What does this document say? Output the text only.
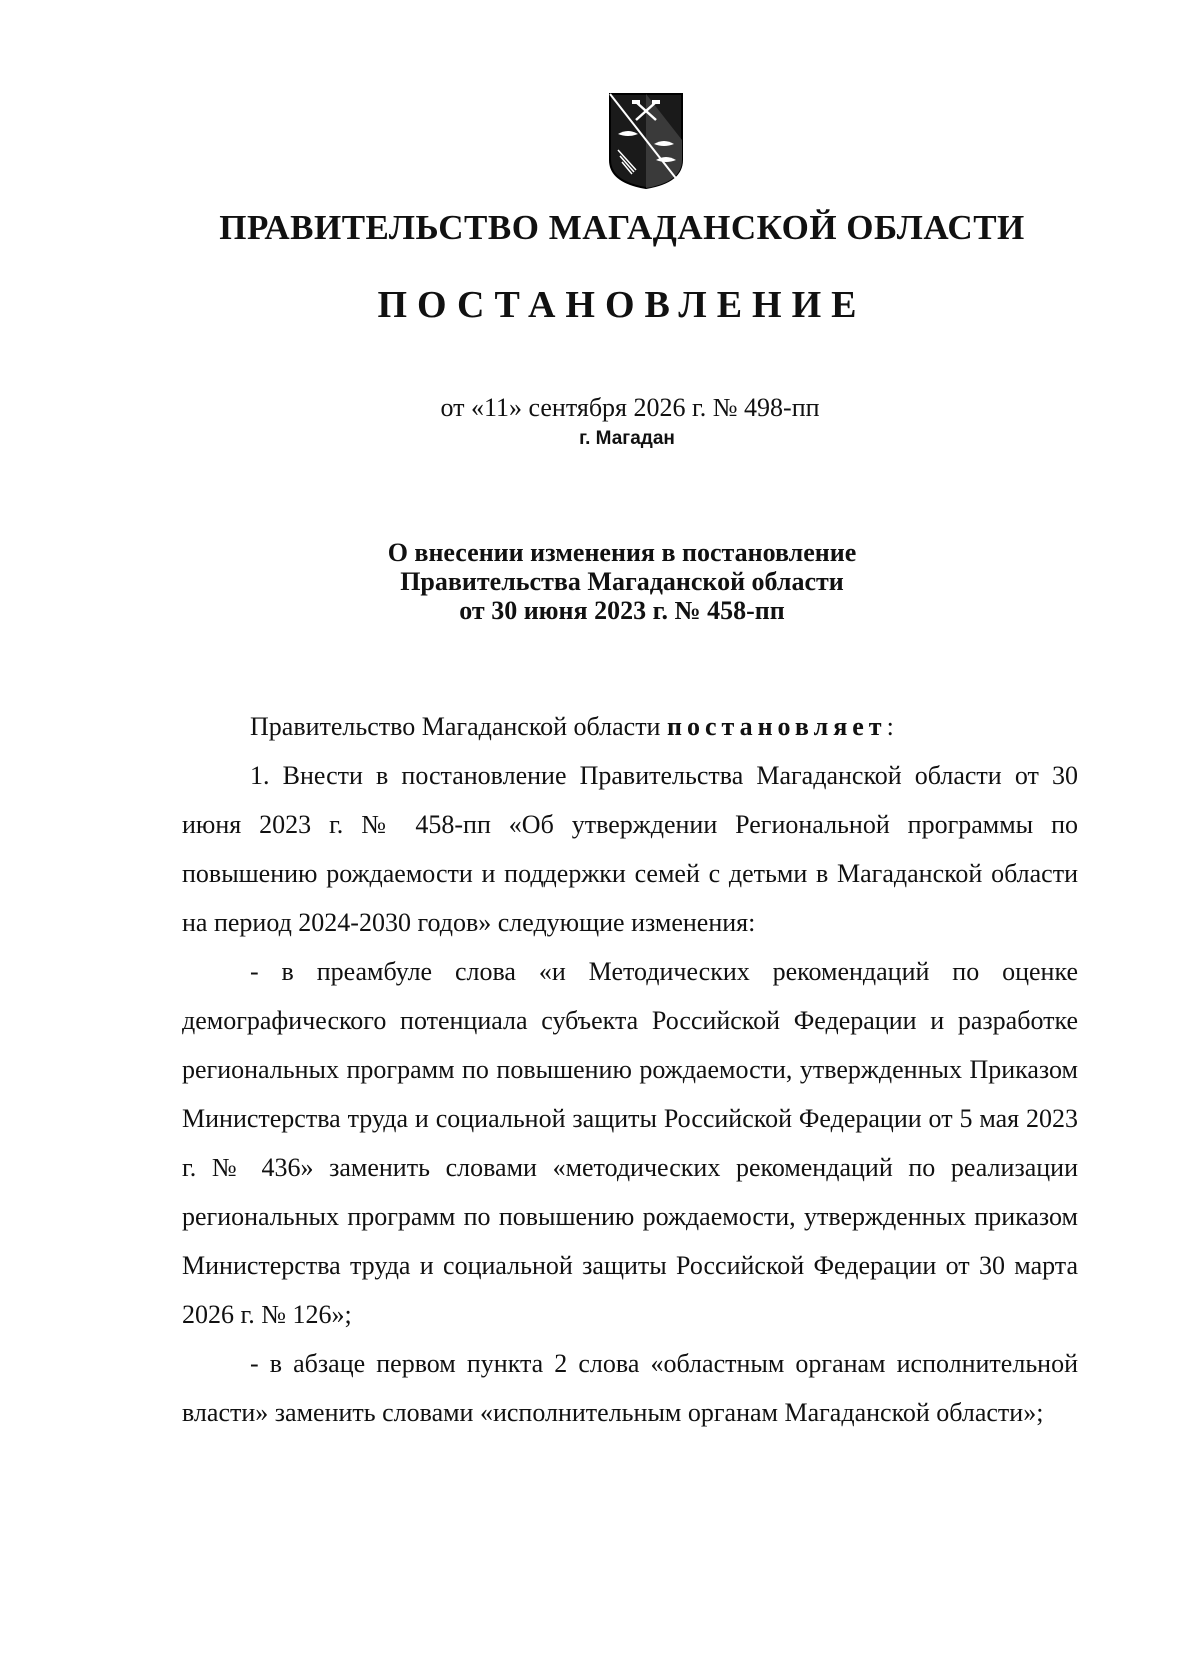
ПРАВИТЕЛЬСТВО МАГАДАНСКОЙ ОБЛАСТИ
ПОСТАНОВЛЕНИЕ
от «11» сентября 2026 г. № 498-пп
г. Магадан
О внесении изменения в постановление
Правительства Магаданской области
от 30 июня 2023 г. № 458-пп

Правительство Магаданской области постановляет:

1. Внести в постановление Правительства Магаданской области от 30 июня 2023 г. № 458-пп «Об утверждении Региональной программы по повышению рождаемости и поддержки семей с детьми в Магаданской области на период 2024-2030 годов» следующие изменения:

- в преамбуле слова «и Методических рекомендаций по оценке демографического потенциала субъекта Российской Федерации и разработке региональных программ по повышению рождаемости, утвержденных Приказом Министерства труда и социальной защиты Российской Федерации от 5 мая 2023 г. № 436» заменить словами «методических рекомендаций по реализации региональных программ по повышению рождаемости, утвержденных приказом Министерства труда и социальной защиты Российской Федерации от 30 марта 2026 г. № 126»;

- в абзаце первом пункта 2 слова «областным органам исполнительной власти» заменить словами «исполнительным органам Магаданской области»;
